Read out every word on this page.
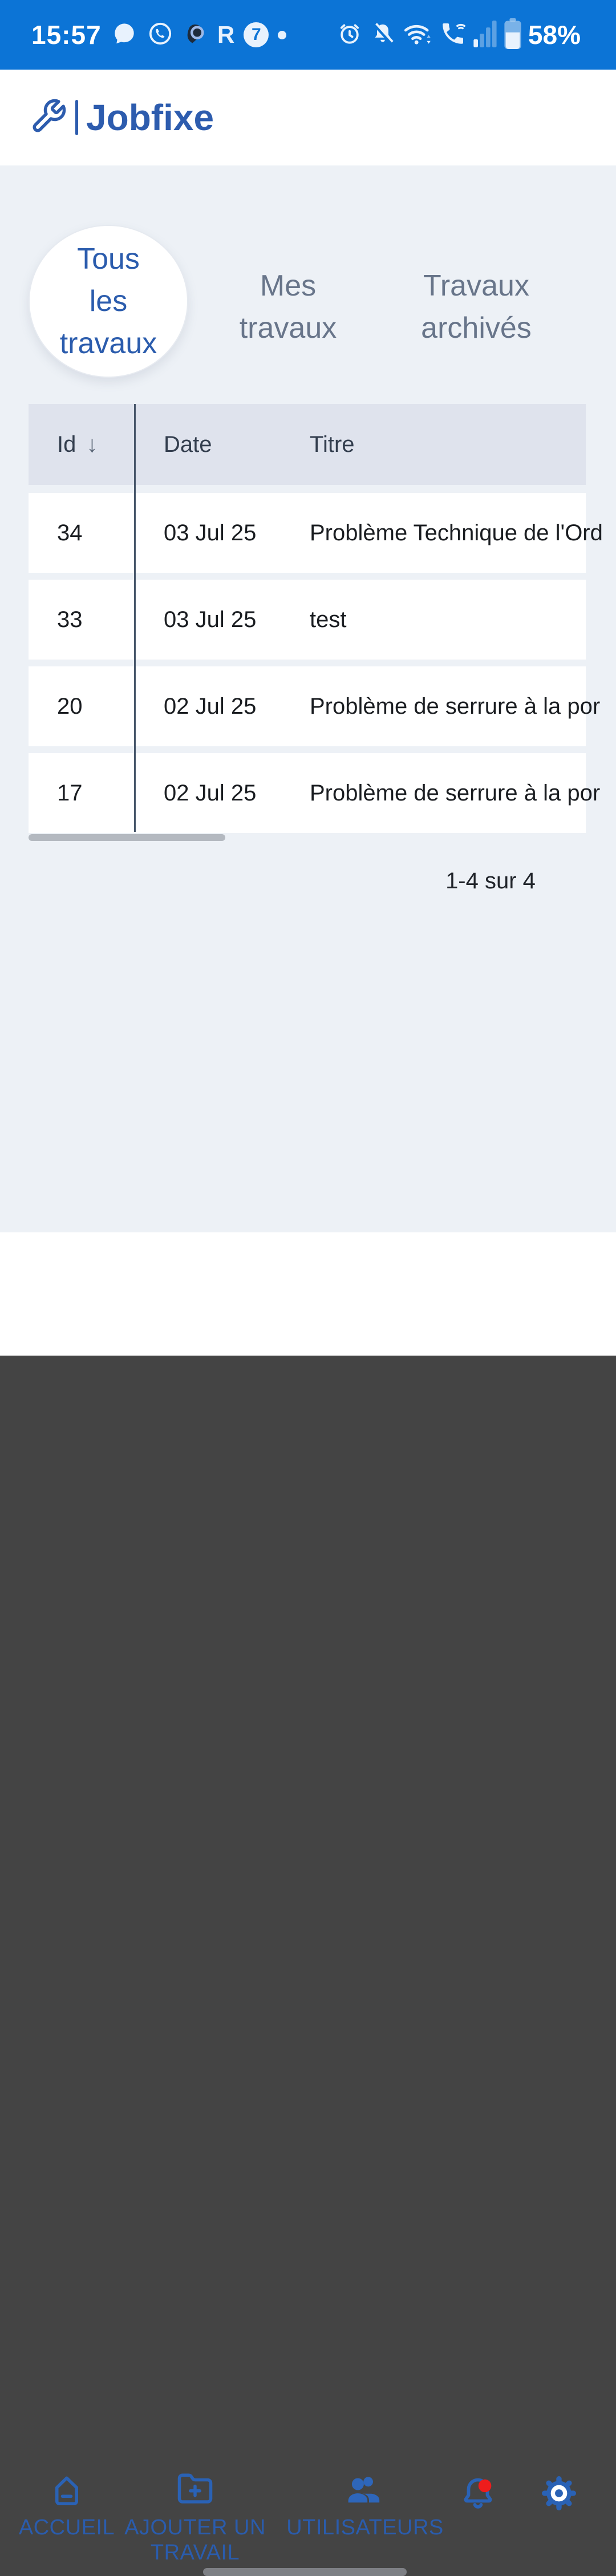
15:57	R 7	58%
Jobfixe
Tous
les
travaux
Mes
travaux
Travaux
archivés
Id ↓	Date	Titre
34	03 Jul 25 Problème Technique de l'Ord
33	03 Jul 25 test
20	02 Jul 25 Problème de serrure à la por
17	02 Jul 25 Problème de serrure à la por
1-4 sur 4
ACCUEIL AJOUTER UN
TRAVAIL
UTILISATEURS
